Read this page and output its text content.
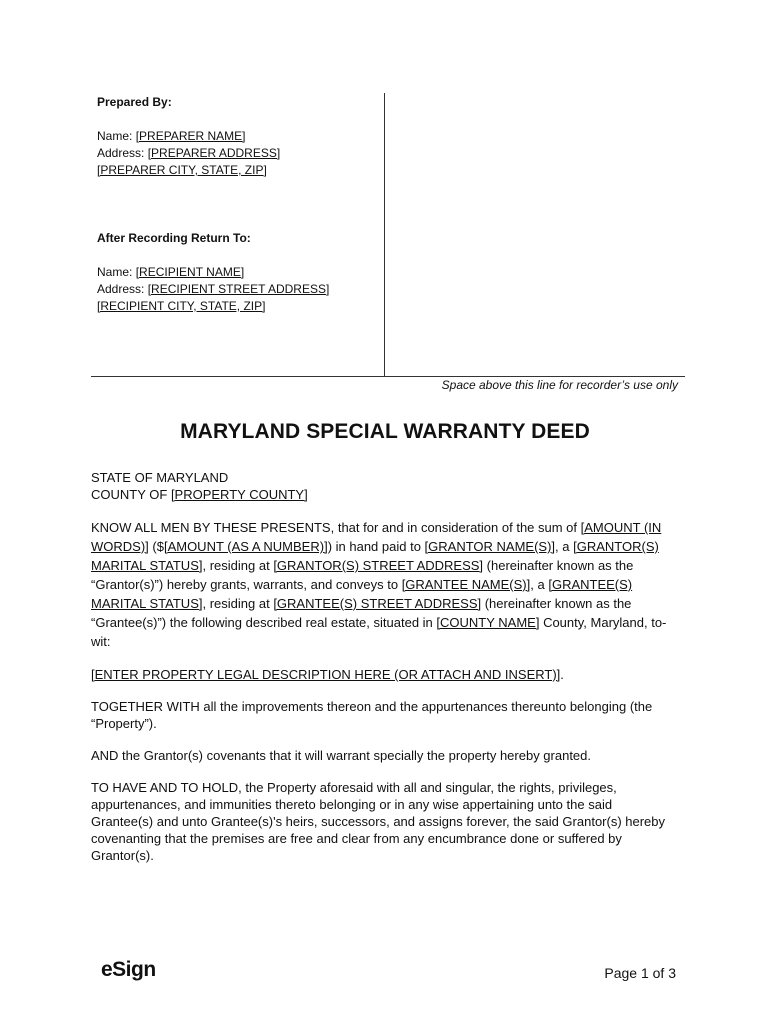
Prepared By:

Name: [PREPARER NAME]

Address: [PREPARER ADDRESS]

[PREPARER CITY, STATE, ZIP]

After Recording Return To:

Name: [RECIPIENT NAME]

Address: [RECIPIENT STREET ADDRESS]

[RECIPIENT CITY, STATE, ZIP]

Space above this line for recorder’s use only
MARYLAND SPECIAL WARRANTY DEED

STATE OF MARYLAND
COUNTY OF [PROPERTY COUNTY]

KNOW ALL MEN BY THESE PRESENTS, that for and in consideration of the sum of [AMOUNT (IN WORDS)] ($[AMOUNT (AS A NUMBER)]) in hand paid to [GRANTOR NAME(S)], a [GRANTOR(S) MARITAL STATUS], residing at [GRANTOR(S) STREET ADDRESS] (hereinafter known as the “Grantor(s)”) hereby grants, warrants, and conveys to [GRANTEE NAME(S)], a [GRANTEE(S) MARITAL STATUS], residing at [GRANTEE(S) STREET ADDRESS] (hereinafter known as the “Grantee(s)”) the following described real estate, situated in [COUNTY NAME] County, Maryland, to-wit:

[ENTER PROPERTY LEGAL DESCRIPTION HERE (OR ATTACH AND INSERT)].

TOGETHER WITH all the improvements thereon and the appurtenances thereunto belonging (the “Property”).

AND the Grantor(s) covenants that it will warrant specially the property hereby granted.

TO HAVE AND TO HOLD, the Property aforesaid with all and singular, the rights, privileges, appurtenances, and immunities thereto belonging or in any wise appertaining unto the said Grantee(s) and unto Grantee(s)'s heirs, successors, and assigns forever, the said Grantor(s) hereby covenanting that the premises are free and clear from any encumbrance done or suffered by Grantor(s).

eSign	Page 1 of 3
